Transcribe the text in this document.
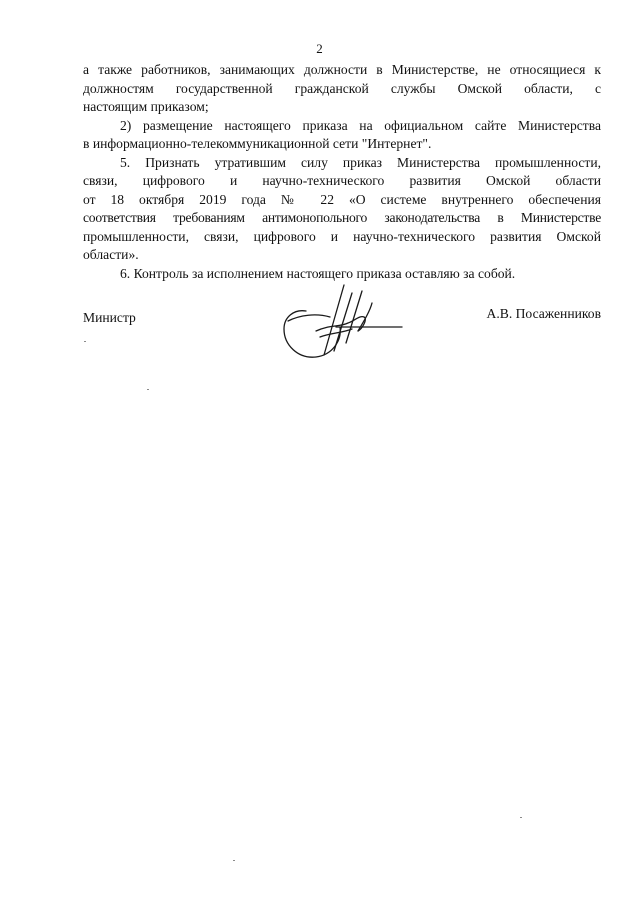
2

а также работников, занимающих должности в Министерстве, не относящиеся к
должностям государственной гражданской службы Омской области, с
настоящим приказом;

2) размещение настоящего приказа на официальном сайте Министерства
в информационно-телекоммуникационной сети "Интернет".

5. Признать утратившим силу приказ Министерства промышленности,
связи, цифрового и научно-технического развития Омской области
от 18 октября 2019 года № 22 «О системе внутреннего обеспечения
соответствия требованиям антимонопольного законодательства в Министерстве
промышленности, связи, цифрового и научно-технического развития Омской
области».

6. Контроль за исполнением настоящего приказа оставляю за собой.

Министр	А.В. Посаженников
